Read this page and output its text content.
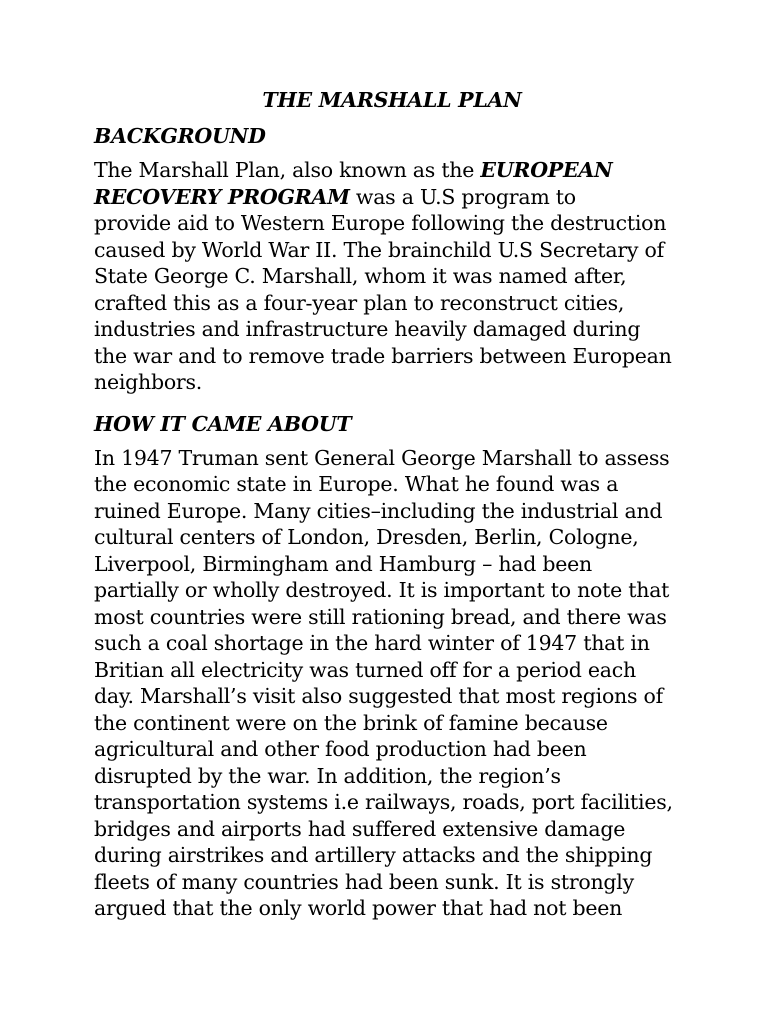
THE MARSHALL PLAN
BACKGROUND
The Marshall Plan, also known as the EUROPEAN
RECOVERY PROGRAM was a U.S program to
provide aid to Western Europe following the destruction
caused by World War II. The brainchild U.S Secretary of
State George C. Marshall, whom it was named after,
crafted this as a four-year plan to reconstruct cities,
industries and infrastructure heavily damaged during
the war and to remove trade barriers between European
neighbors.
HOW IT CAME ABOUT
In 1947 Truman sent General George Marshall to assess
the economic state in Europe. What he found was a
ruined Europe. Many cities–including the industrial and
cultural centers of London, Dresden, Berlin, Cologne,
Liverpool, Birmingham and Hamburg – had been
partially or wholly destroyed. It is important to note that
most countries were still rationing bread, and there was
such a coal shortage in the hard winter of 1947 that in
Britian all electricity was turned off for a period each
day. Marshall’s visit also suggested that most regions of
the continent were on the brink of famine because
agricultural and other food production had been
disrupted by the war. In addition, the region’s
transportation systems i.e railways, roads, port facilities,
bridges and airports had suffered extensive damage
during airstrikes and artillery attacks and the shipping
fleets of many countries had been sunk. It is strongly
argued that the only world power that had not been
